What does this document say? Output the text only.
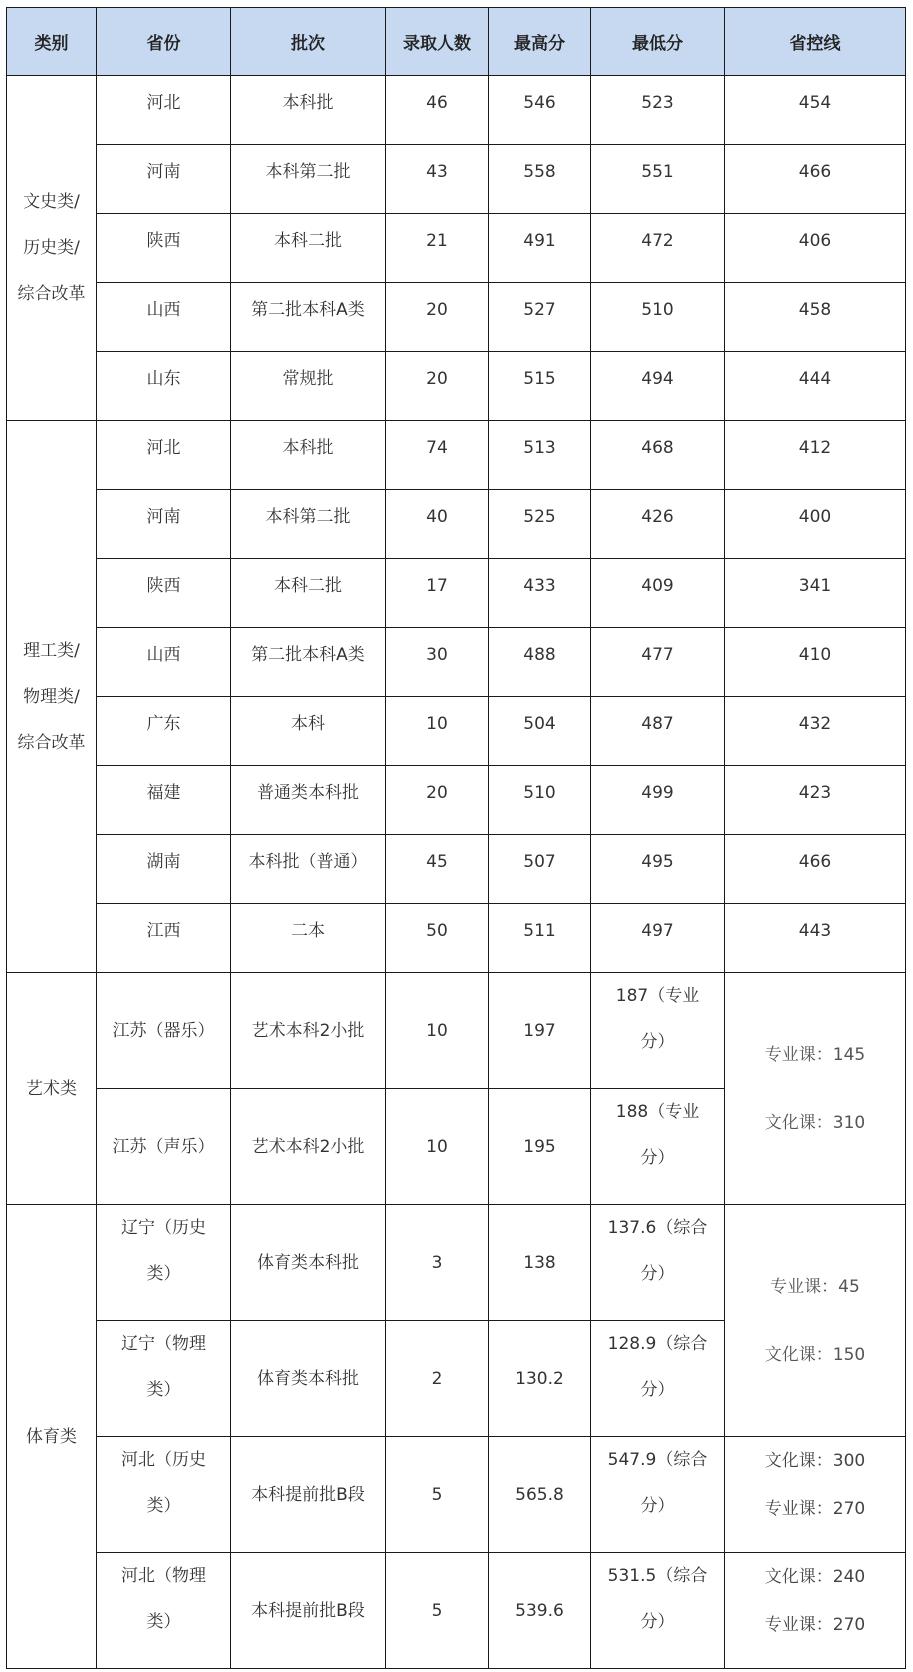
类别	省份	批次	录取人数	最高分	最低分	省控线

文史类/
历史类/
综合改革	河北	本科批	46	546	523	454
	河南	本科第二批	43	558	551	466
	陕西	本科二批	21	491	472	406
	山西	第二批本科A类	20	527	510	458
	山东	常规批	20	515	494	444

理工类/
物理类/
综合改革	河北	本科批	74	513	468	412
	河南	本科第二批	40	525	426	400
	陕西	本科二批	17	433	409	341
	山西	第二批本科A类	30	488	477	410
	广东	本科	10	504	487	432
	福建	普通类本科批	20	510	499	423
	湖南	本科批（普通）	45	507	495	466
	江西	二本	50	511	497	443

艺术类	江苏（器乐）	艺术本科2小批	10	197	187（专业
分）	专业课：145
文化课：310

	江苏（声乐）	艺术本科2小批	10	195	188（专业
分）	

体育类	辽宁（历史
类）	体育类本科批	3	138	137.6（综合
分）	专业课：45
文化课：150

	辽宁（物理
类）	体育类本科批	2	130.2	128.9（综合
分）	

	河北（历史
类）	本科提前批B段	5	565.8	547.9（综合
分）	文化课：300
专业课：270

	河北（物理
类）	本科提前批B段	5	539.6	531.5（综合
分）	文化课：240
专业课：270
